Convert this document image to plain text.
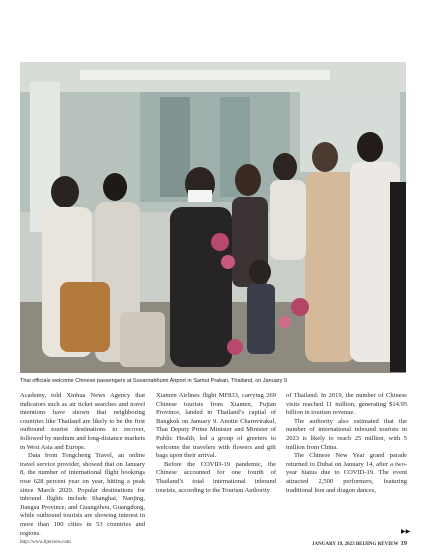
Thai officials welcome Chinese passengers at Suvarnabhumi Airport in Samut Prakan, Thailand, on January 9

Academy, told Xinhua News Agency that indicators such as air ticket searches and travel intentions have shown that neighboring countries like Thailand are likely to be the first outbound tourist destinations to recover, followed by medium and long-distance markets in West Asia and Europe.

Data from Tongcheng Travel, an online travel service provider, showed that on January 8, the number of international flight bookings rose 628 percent year on year, hitting a peak since March 2020. Popular destinations for inbound flights include Shanghai, Nanjing, Jiangsu Province, and Guangzhou, Guangdong, while outbound tourists are showing interest in more than 100 cities in 53 countries and regions.

Xiamen Airlines flight MF833, carrying 269 Chinese tourists from Xiamen, Fujian Province, landed in Thailand’s capital of Bangkok on January 9. Anutin Charnvirakul, Thai Deputy Prime Minister and Minister of Public Health, led a group of greeters to welcome the travelers with flowers and gift bags upon their arrival.

Before the COVID-19 pandemic, the Chinese accounted for one fourth of Thailand’s total international inbound tourists, according to the Tourism Authority

of Thailand. In 2019, the number of Chinese visits reached 11 million, generating $14.95 billion in tourism revenue.

The authority also estimated that the number of international inbound tourists in 2023 is likely to reach 25 million, with 5 million from China.

The Chinese New Year grand parade returned to Dubai on January 14, after a two-year hiatus due to COVID-19. The event attracted 2,500 performers, featuring traditional lion and dragon dances,

▶▶
http://www.bjreview.com	JANUARY 19, 2023 BEIJING REVIEW 19
